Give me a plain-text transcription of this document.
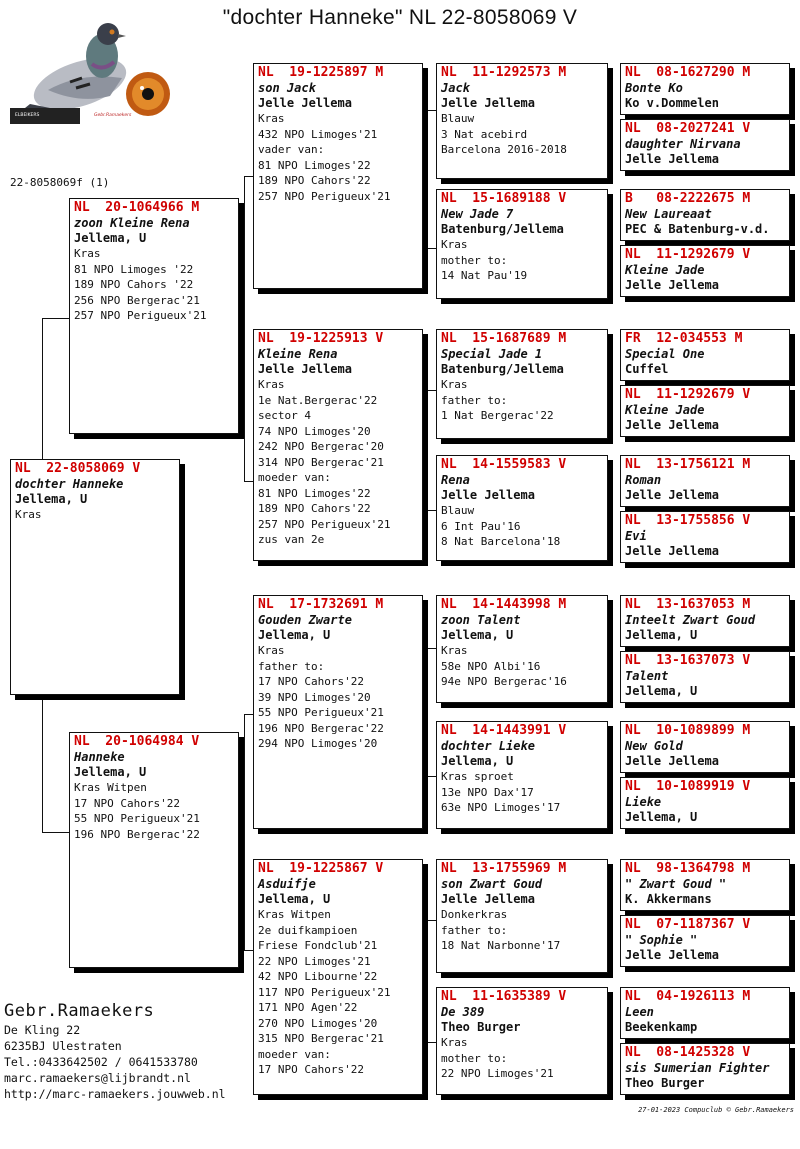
"dochter Hanneke" NL 22-8058069 V
ELBEIKERS	Gebr.Ramaekers
22-8058069f (1)
NL  22-8058069 V
dochter Hanneke
Jellema, U
Kras
NL  20-1064966 M
zoon Kleine Rena
Jellema, U
Kras
81 NPO Limoges '22
189 NPO Cahors '22
256 NPO Bergerac'21
257 NPO Perigueux'21
NL  20-1064984 V
Hanneke
Jellema, U
Kras Witpen
17 NPO Cahors'22
55 NPO Perigueux'21
196 NPO Bergerac'22
NL  19-1225897 M
son Jack
Jelle Jellema
Kras
432 NPO Limoges'21
vader van:
81 NPO Limoges'22
189 NPO Cahors'22
257 NPO Perigueux'21
NL  19-1225913 V
Kleine Rena
Jelle Jellema
Kras
1e Nat.Bergerac'22
sector 4
74 NPO Limoges'20
242 NPO Bergerac'20
314 NPO Bergerac'21
moeder van:
81 NPO Limoges'22
189 NPO Cahors'22
257 NPO Perigueux'21
zus van 2e
NL  17-1732691 M
Gouden Zwarte
Jellema, U
Kras
father to:
17 NPO Cahors'22
39 NPO Limoges'20
55 NPO Perigueux'21
196 NPO Bergerac'22
294 NPO Limoges'20
NL  19-1225867 V
Asduifje
Jellema, U
Kras Witpen
2e duifkampioen
Friese Fondclub'21
22 NPO Limoges'21
42 NPO Libourne'22
117 NPO Perigueux'21
171 NPO Agen'22
270 NPO Limoges'20
315 NPO Bergerac'21
moeder van:
17 NPO Cahors'22
NL  11-1292573 M
Jack
Jelle Jellema
Blauw
3 Nat acebird
Barcelona 2016-2018
NL  15-1689188 V
New Jade 7
Batenburg/Jellema
Kras
mother to:
14 Nat Pau'19
NL  15-1687689 M
Special Jade 1
Batenburg/Jellema
Kras
father to:
1 Nat Bergerac'22
NL  14-1559583 V
Rena
Jelle Jellema
Blauw
6 Int Pau'16
8 Nat Barcelona'18
NL  14-1443998 M
zoon Talent
Jellema, U
Kras
58e NPO Albi'16
94e NPO Bergerac'16
NL  14-1443991 V
dochter Lieke
Jellema, U
Kras sproet
13e NPO Dax'17
63e NPO Limoges'17
NL  13-1755969 M
son Zwart Goud
Jelle Jellema
Donkerkras
father to:
18 Nat Narbonne'17
NL  11-1635389 V
De 389
Theo Burger
Kras
mother to:
22 NPO Limoges'21
NL  08-1627290 M
Bonte Ko
Ko v.Dommelen
NL  08-2027241 V
daughter Nirvana
Jelle Jellema
B   08-2222675 M
New Laureaat
PEC & Batenburg-v.d.
NL  11-1292679 V
Kleine Jade
Jelle Jellema
FR  12-034553 M
Special One
Cuffel
NL  11-1292679 V
Kleine Jade
Jelle Jellema
NL  13-1756121 M
Roman
Jelle Jellema
NL  13-1755856 V
Evi
Jelle Jellema
NL  13-1637053 M
Inteelt Zwart Goud
Jellema, U
NL  13-1637073 V
Talent
Jellema, U
NL  10-1089899 M
New Gold
Jelle Jellema
NL  10-1089919 V
Lieke
Jellema, U
NL  98-1364798 M
" Zwart Goud "
K. Akkermans
NL  07-1187367 V
" Sophie "
Jelle Jellema
NL  04-1926113 M
Leen
Beekenkamp
NL  08-1425328 V
sis Sumerian Fighter
Theo Burger
Gebr.Ramaekers
De Kling 22
6235BJ Ulestraten
Tel.:0433642502 / 0641533780
marc.ramaekers@lijbrandt.nl
http://marc-ramaekers.jouwweb.nl
27-01-2023 Compuclub © Gebr.Ramaekers
